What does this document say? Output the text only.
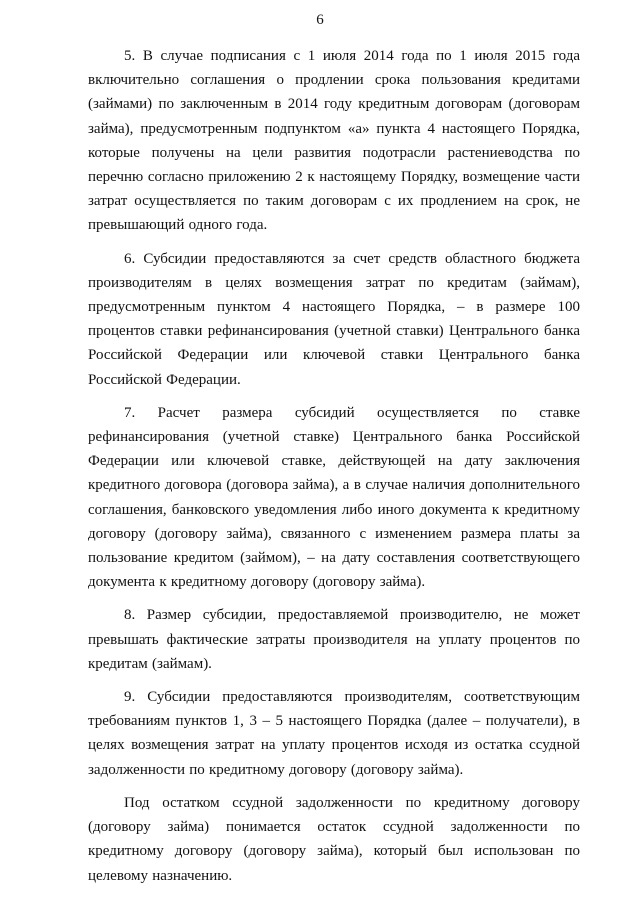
6

5. В случае подписания с 1 июля 2014 года по 1 июля 2015 года включительно соглашения о продлении срока пользования кредитами (займами) по заключенным в 2014 году кредитным договорам (договорам займа), предусмотренным подпунктом «а» пункта 4 настоящего Порядка, которые получены на цели развития подотрасли растениеводства по перечню согласно приложению 2 к настоящему Порядку, возмещение части затрат осуществляется по таким договорам с их продлением на срок, не превышающий одного года.

6. Субсидии предоставляются за счет средств областного бюджета производителям в целях возмещения затрат по кредитам (займам), предусмотренным пунктом 4 настоящего Порядка, – в размере 100 процентов ставки рефинансирования (учетной ставки) Центрального банка Российской Федерации или ключевой ставки Центрального банка Российской Федерации.

7. Расчет размера субсидий осуществляется по ставке рефинансирования (учетной ставке) Центрального банка Российской Федерации или ключевой ставке, действующей на дату заключения кредитного договора (договора займа), а в случае наличия дополнительного соглашения, банковского уведомления либо иного документа к кредитному договору (договору займа), связанного с изменением размера платы за пользование кредитом (займом), – на дату составления соответствующего документа к кредитному договору (договору займа).

8. Размер субсидии, предоставляемой производителю, не может превышать фактические затраты производителя на уплату процентов по кредитам (займам).

9. Субсидии предоставляются производителям, соответствующим требованиям пунктов 1, 3 – 5 настоящего Порядка (далее – получатели), в целях возмещения затрат на уплату процентов исходя из остатка ссудной задолженности по кредитному договору (договору займа).

Под остатком ссудной задолженности по кредитному договору (договору займа) понимается остаток ссудной задолженности по кредитному договору (договору займа), который был использован по целевому назначению.
